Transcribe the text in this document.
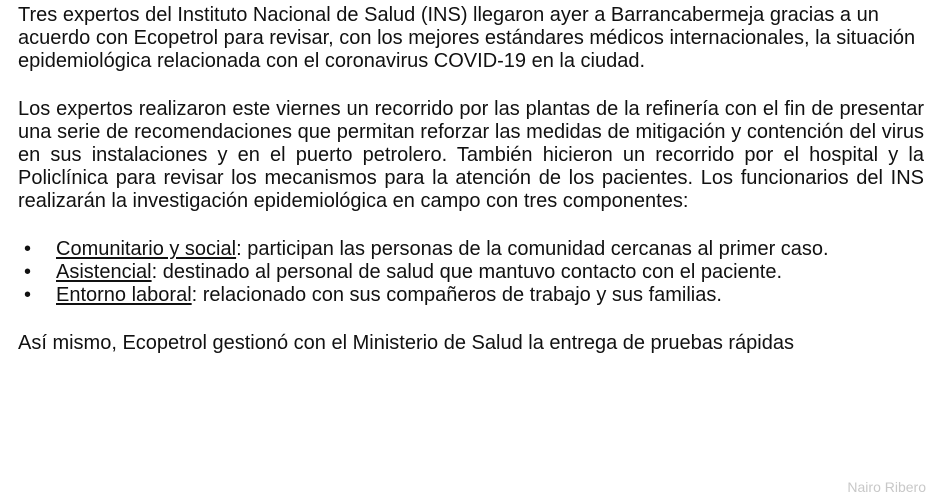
Tres expertos del Instituto Nacional de Salud (INS) llegaron ayer a Barrancabermeja gracias a un acuerdo con Ecopetrol para revisar, con los mejores estándares médicos internacionales, la situación epidemiológica relacionada con el coronavirus COVID-19 en la ciudad.

Los expertos realizaron este viernes un recorrido por las plantas de la refinería con el fin de presentar una serie de recomendaciones que permitan reforzar las medidas de mitigación y contención del virus en sus instalaciones y en el puerto petrolero. También hicieron un recorrido por el hospital y la Policlínica para revisar los mecanismos para la atención de los pacientes. Los funcionarios del INS realizarán la investigación epidemiológica en campo con tres componentes:

• Comunitario y social: participan las personas de la comunidad cercanas al primer caso.
• Asistencial: destinado al personal de salud que mantuvo contacto con el paciente.
• Entorno laboral: relacionado con sus compañeros de trabajo y sus familias.

Así mismo, Ecopetrol gestionó con el Ministerio de Salud la entrega de pruebas rápidas

Nairo Ribero
